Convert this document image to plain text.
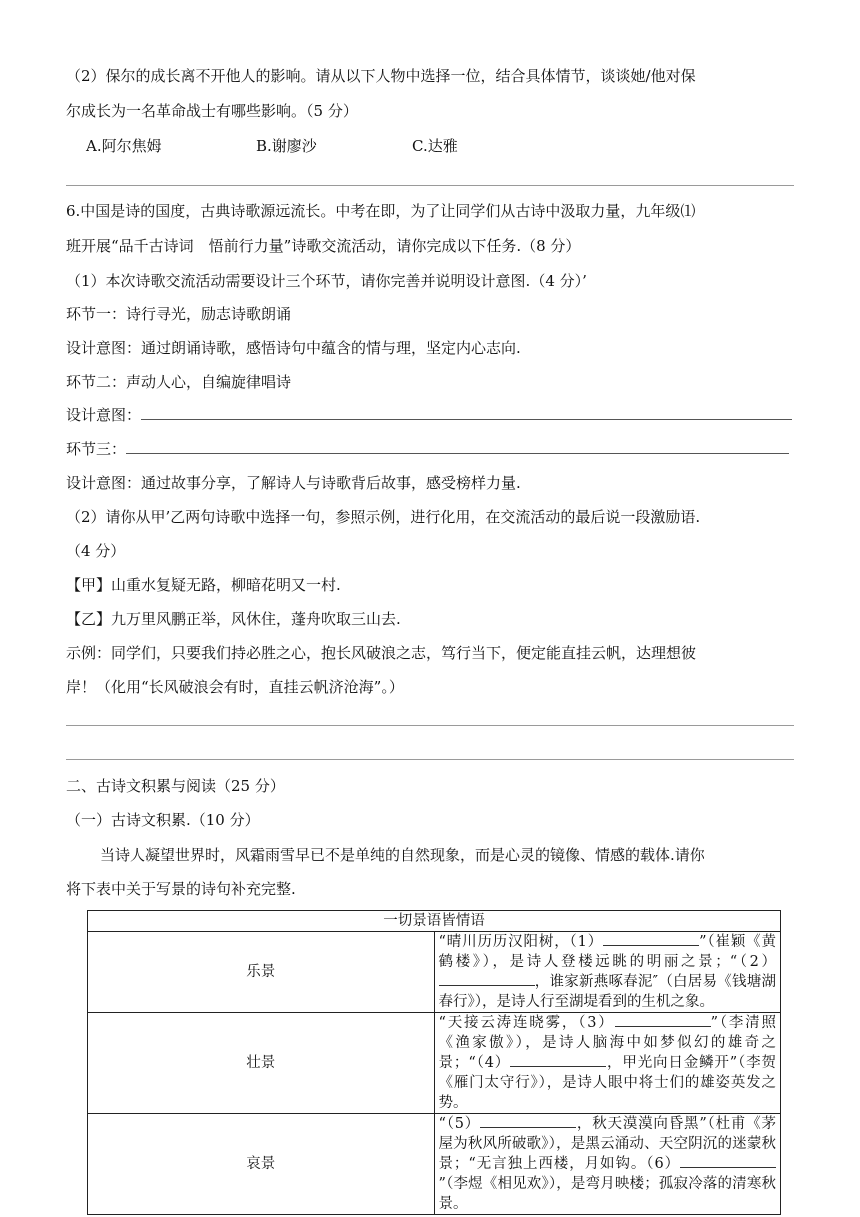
（2）保尔的成长离不开他人的影响。请从以下人物中选择一位，结合具体情节，谈谈她/他对保
尔成长为一名革命战士有哪些影响。（5 分）
A.阿尔焦姆	B.谢廖沙	C.达雅
6.中国是诗的国度，古典诗歌源远流长。中考在即，为了让同学们从古诗中汲取力量，九年级⑴
班开展“品千古诗词　悟前行力量”诗歌交流活动，请你完成以下任务.（8 分）
（1）本次诗歌交流活动需要设计三个环节，请你完善并说明设计意图.（4 分）’
环节一：诗行寻光，励志诗歌朗诵
设计意图：通过朗诵诗歌，感悟诗句中蕴含的情与理，坚定内心志向.
环节二：声动人心，自编旋律唱诗
设计意图：
环节三：
设计意图：通过故事分享，了解诗人与诗歌背后故事，感受榜样力量.
（2）请你从甲’乙两句诗歌中选择一句，参照示例，进行化用，在交流活动的最后说一段激励语.
（4 分）
【甲】山重水复疑无路，柳暗花明又一村.
【乙】九万里风鹏正举，风休住，蓬舟吹取三山去.
示例：同学们，只要我们持必胜之心，抱长风破浪之志，笃行当下，便定能直挂云帆，达理想彼
岸！（化用“长风破浪会有时，直挂云帆济沧海”。）
二、古诗文积累与阅读（25 分）
（一）古诗文积累.（10 分）
当诗人凝望世界时，风霜雨雪早已不是单纯的自然现象，而是心灵的镜像、情感的载体.请你
将下表中关于写景的诗句补充完整.
一切景语皆情语	
乐景	“晴川历历汉阳树，（1） ”（崔颖《黄鹤楼》），是诗人登楼远眺的明丽之景；“（2），谁家新燕啄春泥″（白居易《钱塘湖春行》），是诗人行至湖堤看到的生机之象。
壮景	“天接云涛连晓雾，（3） ”（李清照《渔家傲》），是诗人脑海中如梦似幻的雄奇之景；“（4） ，甲光向日金鳞开”（李贺《雁门太守行》），是诗人眼中将士们的雄姿英发之势。
哀景	“（5） ，秋天漠漠向昏黑”（杜甫《茅屋为秋风所破歌》），是黑云涌动、天空阴沉的迷蒙秋景；“无言独上西楼，月如钩。（6）”（李煜《相见欢》），是弯月映楼；孤寂冷落的清寒秋景。
